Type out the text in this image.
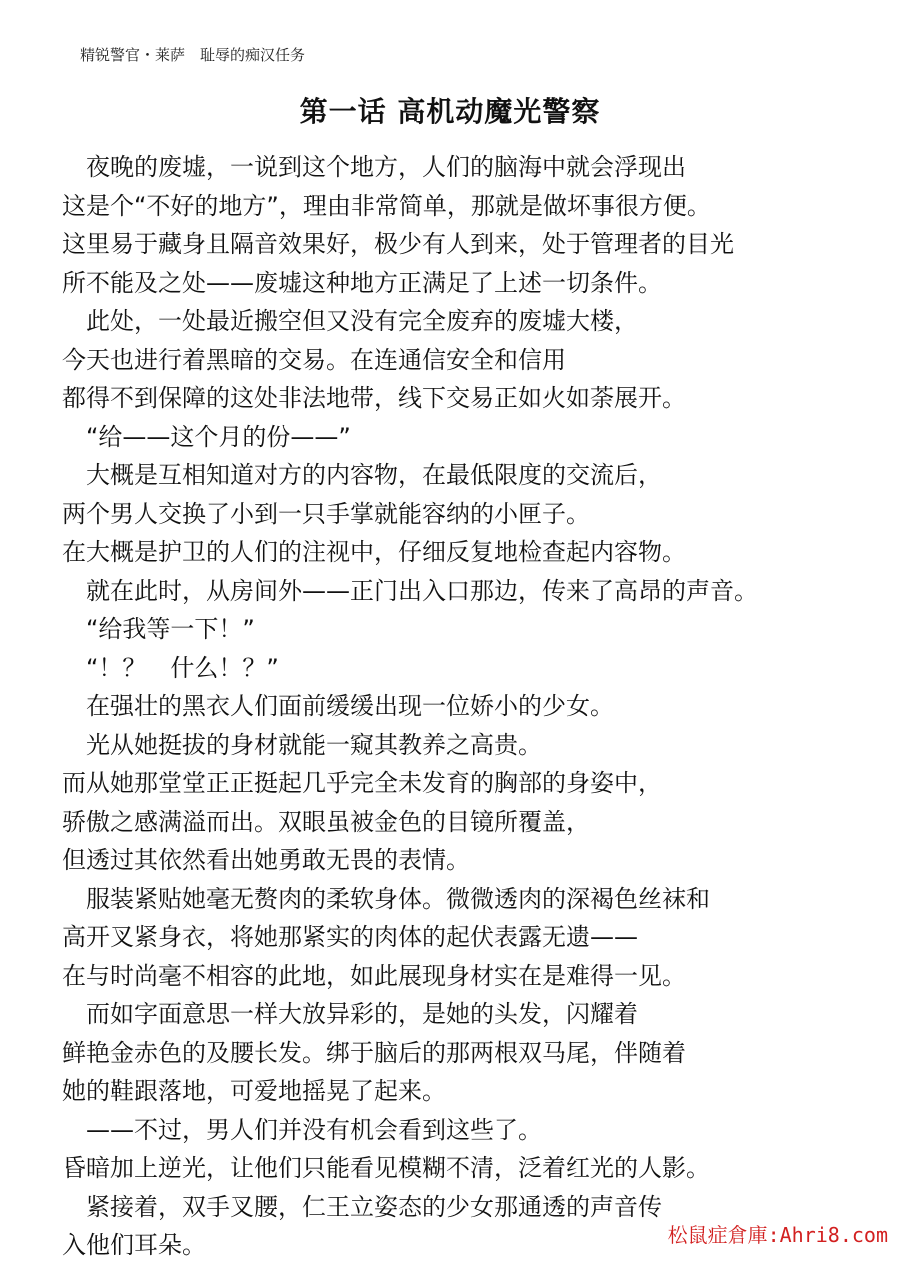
精锐警官・莱萨　耻辱的痴汉任务
第一话 高机动魔光警察
　夜晚的废墟，一说到这个地方，人们的脑海中就会浮现出
这是个“不好的地方”，理由非常简单，那就是做坏事很方便。
这里易于藏身且隔音效果好，极少有人到来，处于管理者的目光
所不能及之处——废墟这种地方正满足了上述一切条件。
　此处，一处最近搬空但又没有完全废弃的废墟大楼，
今天也进行着黑暗的交易。在连通信安全和信用
都得不到保障的这处非法地带，线下交易正如火如荼展开。
　“给——这个月的份——”
　大概是互相知道对方的内容物，在最低限度的交流后，
两个男人交换了小到一只手掌就能容纳的小匣子。
在大概是护卫的人们的注视中，仔细反复地检查起内容物。
　就在此时，从房间外——正门出入口那边，传来了高昂的声音。
　“给我等一下！”
　“！？　什么！？”
　在强壮的黑衣人们面前缓缓出现一位娇小的少女。
　光从她挺拔的身材就能一窥其教养之高贵。
而从她那堂堂正正挺起几乎完全未发育的胸部的身姿中，
骄傲之感满溢而出。双眼虽被金色的目镜所覆盖，
但透过其依然看出她勇敢无畏的表情。
　服装紧贴她毫无赘肉的柔软身体。微微透肉的深褐色丝袜和
高开叉紧身衣，将她那紧实的肉体的起伏表露无遗——
在与时尚毫不相容的此地，如此展现身材实在是难得一见。
　而如字面意思一样大放异彩的，是她的头发，闪耀着
鲜艳金赤色的及腰长发。绑于脑后的那两根双马尾，伴随着
她的鞋跟落地，可爱地摇晃了起来。
　——不过，男人们并没有机会看到这些了。
昏暗加上逆光，让他们只能看见模糊不清，泛着红光的人影。
　紧接着，双手叉腰，仁王立姿态的少女那通透的声音传
入他们耳朵。	松鼠症倉庫:Ahri8.com
